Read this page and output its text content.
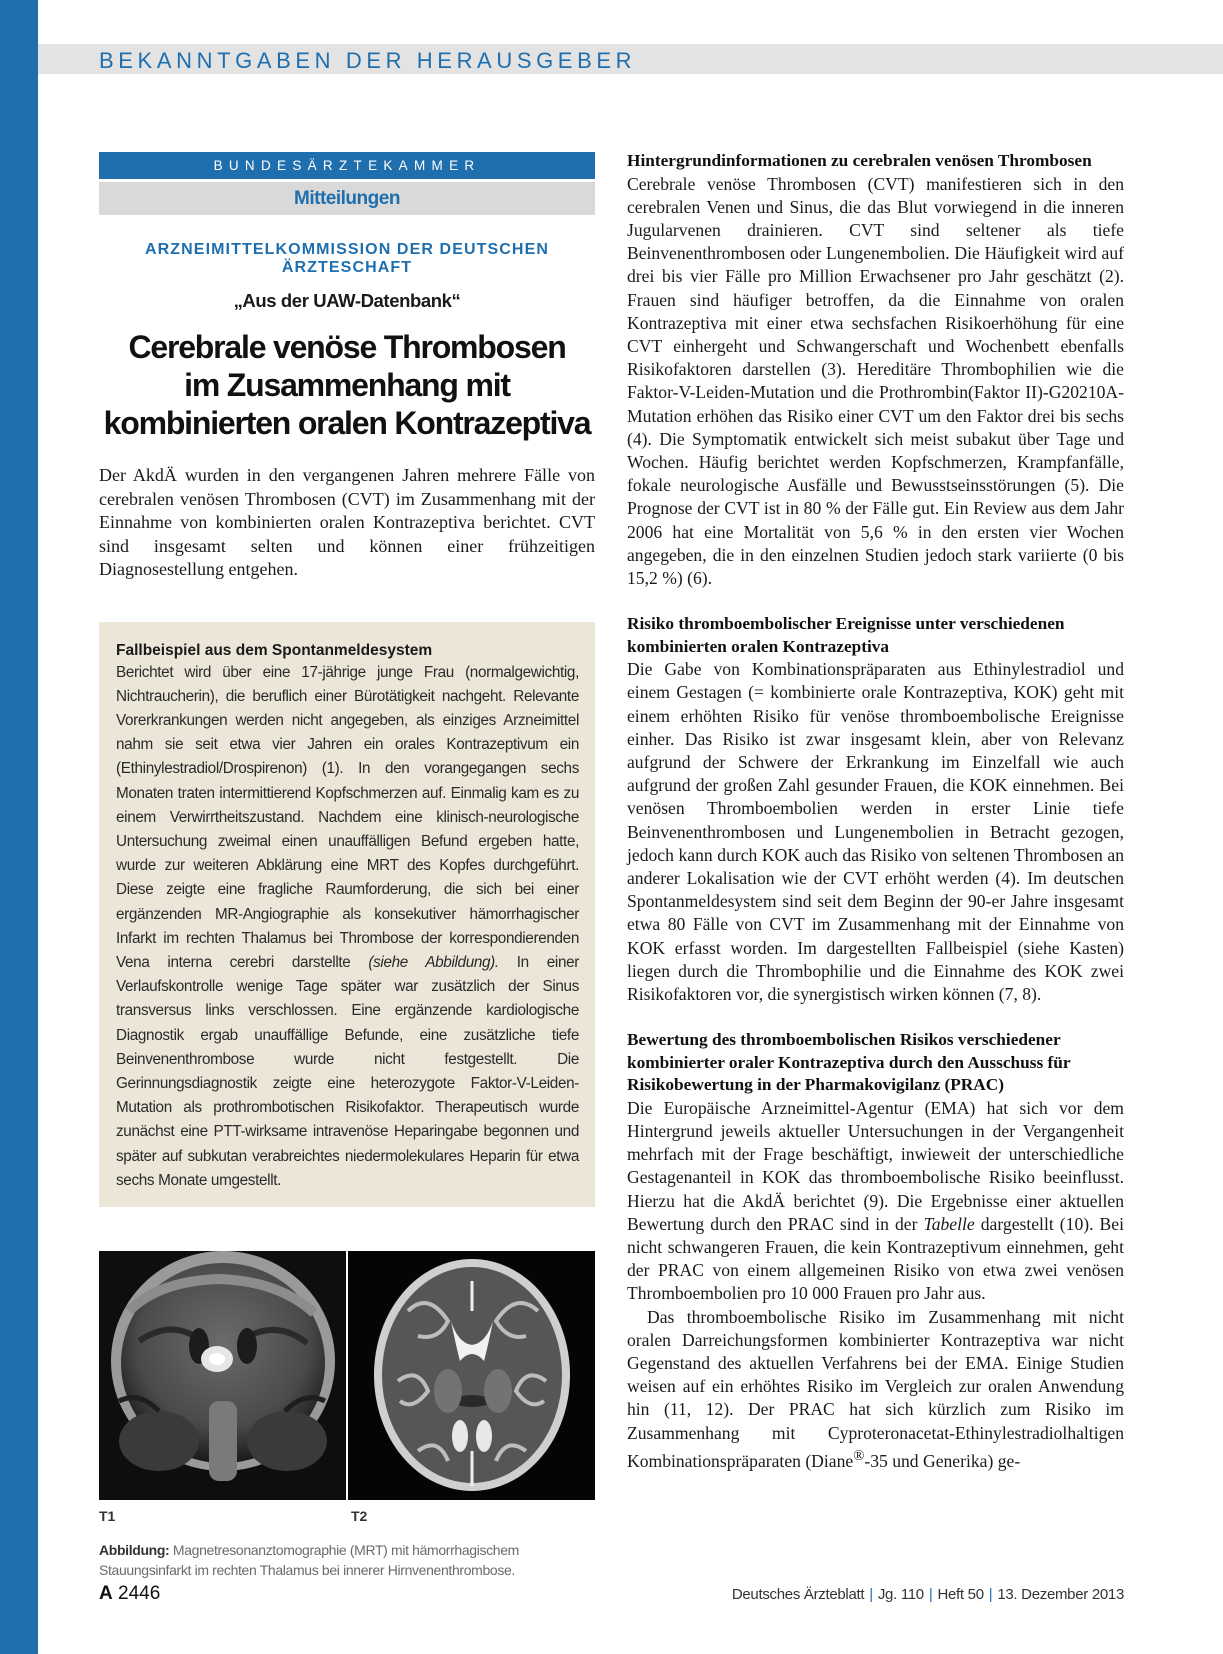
BEKANNTGABEN DER HERAUSGEBER
BUNDESÄRZTEKAMMER
Mitteilungen
ARZNEIMITTELKOMMISSION DER DEUTSCHEN ÄRZTESCHAFT
„Aus der UAW-Datenbank“
Cerebrale venöse Thrombosen
im Zusammenhang mit
kombinierten oralen Kontrazeptiva
Der AkdÄ wurden in den vergangenen Jahren mehrere Fälle von cerebralen venösen Thrombosen (CVT) im Zusammenhang mit der Einnahme von kombinierten oralen Kontrazeptiva berichtet. CVT sind insgesamt selten und können einer frühzeitigen Diagnosestellung entgehen.
Fallbeispiel aus dem Spontanmeldesystem
Berichtet wird über eine 17-jährige junge Frau (normalgewichtig, Nichtraucherin), die beruflich einer Bürotätigkeit nachgeht. Relevante Vorerkrankungen werden nicht angegeben, als einziges Arzneimittel nahm sie seit etwa vier Jahren ein orales Kontrazeptivum ein (Ethinylestradiol/Drospirenon) (1). In den vorangegangen sechs Monaten traten intermittierend Kopfschmerzen auf. Einmalig kam es zu einem Verwirrtheitszustand. Nachdem eine klinisch-neurologische Untersuchung zweimal einen unauffälligen Befund ergeben hatte, wurde zur weiteren Abklärung eine MRT des Kopfes durchgeführt. Diese zeigte eine fragliche Raumforderung, die sich bei einer ergänzenden MR-Angiographie als konsekutiver hämorrhagischer Infarkt im rechten Thalamus bei Thrombose der korrespondierenden Vena interna cerebri darstellte (siehe Abbildung). In einer Verlaufskontrolle wenige Tage später war zusätzlich der Sinus transversus links verschlossen. Eine ergänzende kardiologische Diagnostik ergab unauffällige Befunde, eine zusätzliche tiefe Beinvenenthrombose wurde nicht festgestellt. Die Gerinnungsdiagnostik zeigte eine heterozygote Faktor-V-Leiden-Mutation als prothrombotischen Risikofaktor. Therapeutisch wurde zunächst eine PTT-wirksame intravenöse Heparingabe begonnen und später auf subkutan verabreichtes niedermolekulares Heparin für etwa sechs Monate umgestellt.
T1	T2
Abbildung: Magnetresonanztomographie (MRT) mit hämorrhagischem Stauungsinfarkt im rechten Thalamus bei innerer Hirnvenenthrombose.
Hintergrundinformationen zu cerebralen venösen Thrombosen

Cerebrale venöse Thrombosen (CVT) manifestieren sich in den cerebralen Venen und Sinus, die das Blut vorwiegend in die inneren Jugularvenen drainieren. CVT sind seltener als tiefe Beinvenenthrombosen oder Lungenembolien. Die Häufigkeit wird auf drei bis vier Fälle pro Million Erwachsener pro Jahr geschätzt (2). Frauen sind häufiger betroffen, da die Einnahme von oralen Kontrazeptiva mit einer etwa sechsfachen Risikoerhöhung für eine CVT einhergeht und Schwangerschaft und Wochenbett ebenfalls Risikofaktoren darstellen (3). Hereditäre Thrombophilien wie die Faktor-V-Leiden-Mutation und die Prothrombin(Faktor II)-G20210A-Mutation erhöhen das Risiko einer CVT um den Faktor drei bis sechs (4). Die Symptomatik entwickelt sich meist subakut über Tage und Wochen. Häufig berichtet werden Kopfschmerzen, Krampfanfälle, fokale neurologische Ausfälle und Bewusstseinsstörungen (5). Die Prognose der CVT ist in 80 % der Fälle gut. Ein Review aus dem Jahr 2006 hat eine Mortalität von 5,6 % in den ersten vier Wochen angegeben, die in den einzelnen Studien jedoch stark variierte (0 bis 15,2 %) (6).

Risiko thromboembolischer Ereignisse unter verschiedenen kombinierten oralen Kontrazeptiva

Die Gabe von Kombinationspräparaten aus Ethinylestradiol und einem Gestagen (= kombinierte orale Kontrazeptiva, KOK) geht mit einem erhöhten Risiko für venöse thromboembolische Ereignisse einher. Das Risiko ist zwar insgesamt klein, aber von Relevanz aufgrund der Schwere der Erkrankung im Einzelfall wie auch aufgrund der großen Zahl gesunder Frauen, die KOK einnehmen. Bei venösen Thromboembolien werden in erster Linie tiefe Beinvenenthrombosen und Lungenembolien in Betracht gezogen, jedoch kann durch KOK auch das Risiko von seltenen Thrombosen an anderer Lokalisation wie der CVT erhöht werden (4). Im deutschen Spontanmeldesystem sind seit dem Beginn der 90-er Jahre insgesamt etwa 80 Fälle von CVT im Zusammenhang mit der Einnahme von KOK erfasst worden. Im dargestellten Fallbeispiel (siehe Kasten) liegen durch die Thrombophilie und die Einnahme des KOK zwei Risikofaktoren vor, die synergistisch wirken können (7, 8).

Bewertung des thromboembolischen Risikos verschiedener kombinierter oraler Kontrazeptiva durch den Ausschuss für Risikobewertung in der Pharmakovigilanz (PRAC)

Die Europäische Arzneimittel-Agentur (EMA) hat sich vor dem Hintergrund jeweils aktueller Untersuchungen in der Vergangenheit mehrfach mit der Frage beschäftigt, inwieweit der unterschiedliche Gestagenanteil in KOK das thromboembolische Risiko beeinflusst. Hierzu hat die AkdÄ berichtet (9). Die Ergebnisse einer aktuellen Bewertung durch den PRAC sind in der Tabelle dargestellt (10). Bei nicht schwangeren Frauen, die kein Kontrazeptivum einnehmen, geht der PRAC von einem allgemeinen Risiko von etwa zwei venösen Thromboembolien pro 10 000 Frauen pro Jahr aus.

Das thromboembolische Risiko im Zusammenhang mit nicht oralen Darreichungsformen kombinierter Kontrazeptiva war nicht Gegenstand des aktuellen Verfahrens bei der EMA. Einige Studien weisen auf ein erhöhtes Risiko im Vergleich zur oralen Anwendung hin (11, 12). Der PRAC hat sich kürzlich zum Risiko im Zusammenhang mit Cyproteronacetat-Ethinylestradiolhaltigen Kombinationspräparaten (Diane®-35 und Generika) ge-

A 2446	Deutsches Ärzteblatt | Jg. 110 | Heft 50 | 13. Dezember 2013
